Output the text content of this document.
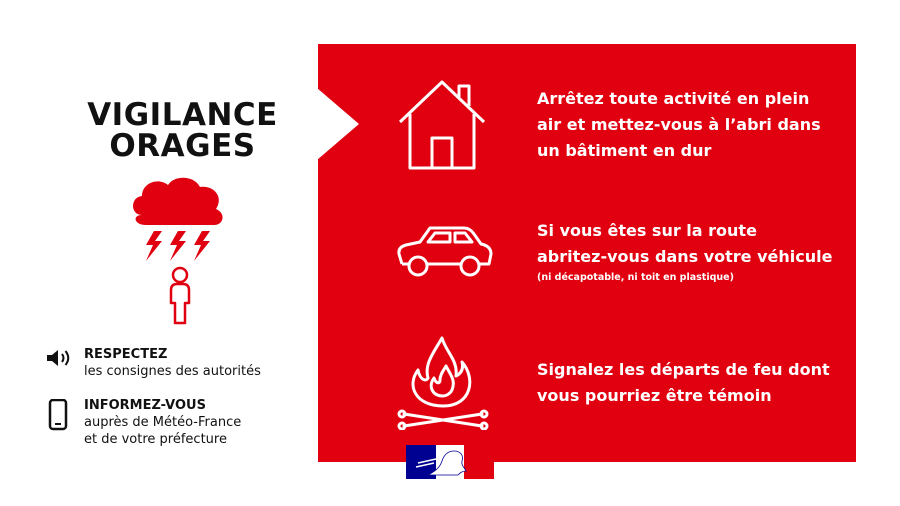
VIGILANCE
ORAGES
RESPECTEZ
les consignes des autorités
INFORMEZ-VOUS
auprès de Météo-France
et de votre préfecture
Arrêtez toute activité en plein
air et mettez-vous à l’abri dans
un bâtiment en dur
Si vous êtes sur la route
abritez-vous dans votre véhicule
(ni décapotable, ni toit en plastique)
Signalez les départs de feu dont
vous pourriez être témoin
